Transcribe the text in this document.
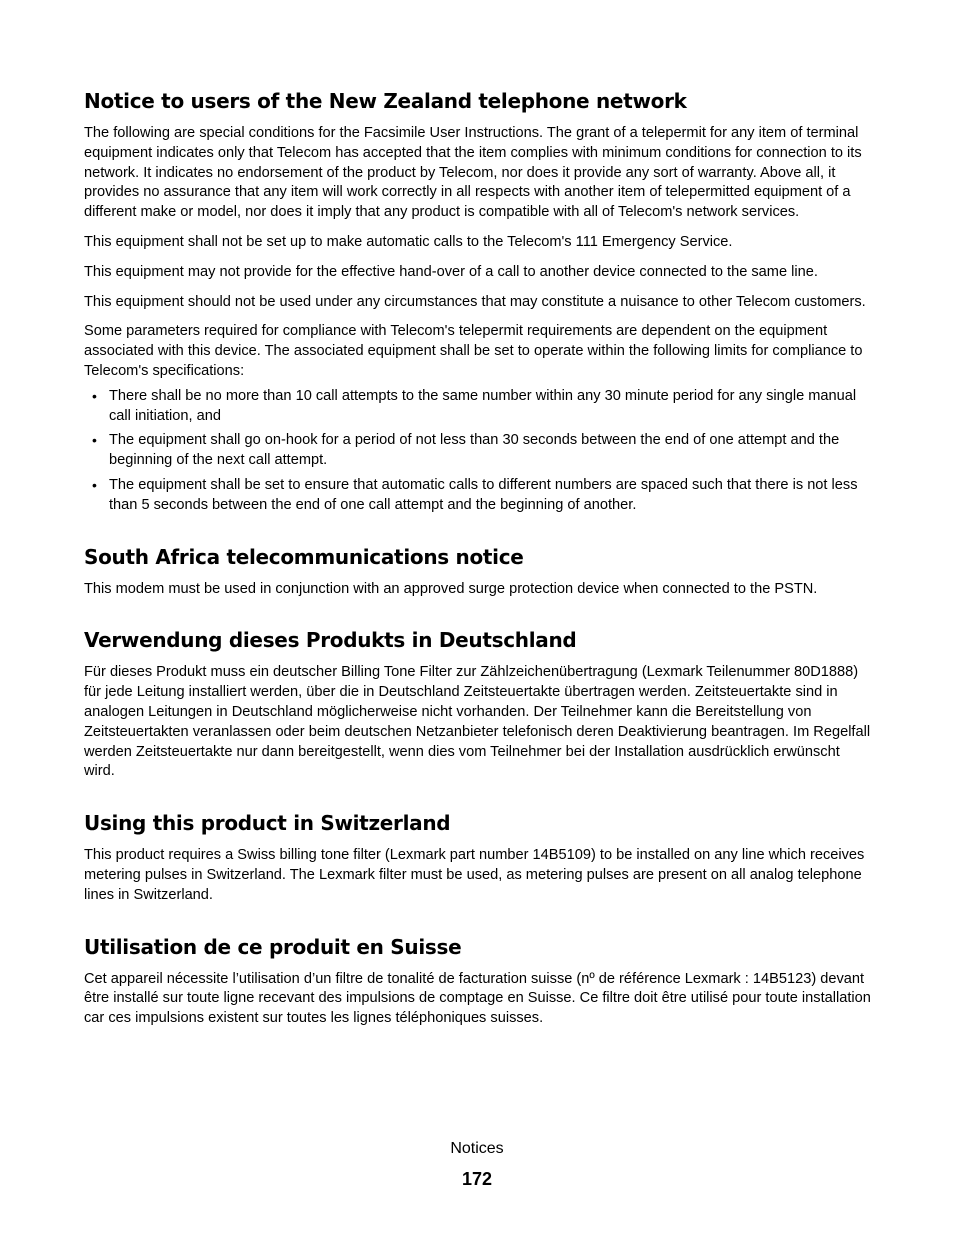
Notice to users of the New Zealand telephone network

The following are special conditions for the Facsimile User Instructions. The grant of a telepermit for any item of terminal equipment indicates only that Telecom has accepted that the item complies with minimum conditions for connection to its network. It indicates no endorsement of the product by Telecom, nor does it provide any sort of warranty. Above all, it provides no assurance that any item will work correctly in all respects with another item of telepermitted equipment of a different make or model, nor does it imply that any product is compatible with all of Telecom's network services.

This equipment shall not be set up to make automatic calls to the Telecom's 111 Emergency Service.

This equipment may not provide for the effective hand-over of a call to another device connected to the same line.

This equipment should not be used under any circumstances that may constitute a nuisance to other Telecom customers.

Some parameters required for compliance with Telecom's telepermit requirements are dependent on the equipment associated with this device. The associated equipment shall be set to operate within the following limits for compliance to Telecom's specifications:

• There shall be no more than 10 call attempts to the same number within any 30 minute period for any single manual call initiation, and
• The equipment shall go on-hook for a period of not less than 30 seconds between the end of one attempt and the beginning of the next call attempt.
• The equipment shall be set to ensure that automatic calls to different numbers are spaced such that there is not less than 5 seconds between the end of one call attempt and the beginning of another.
South Africa telecommunications notice

This modem must be used in conjunction with an approved surge protection device when connected to the PSTN.

Verwendung dieses Produkts in Deutschland

Für dieses Produkt muss ein deutscher Billing Tone Filter zur Zählzeichenübertragung (Lexmark Teilenummer 80D1888) für jede Leitung installiert werden, über die in Deutschland Zeitsteuertakte übertragen werden. Zeitsteuertakte sind in analogen Leitungen in Deutschland möglicherweise nicht vorhanden. Der Teilnehmer kann die Bereitstellung von Zeitsteuertakten veranlassen oder beim deutschen Netzanbieter telefonisch deren Deaktivierung beantragen. Im Regelfall werden Zeitsteuertakte nur dann bereitgestellt, wenn dies vom Teilnehmer bei der Installation ausdrücklich erwünscht wird.

Using this product in Switzerland

This product requires a Swiss billing tone filter (Lexmark part number 14B5109) to be installed on any line which receives metering pulses in Switzerland. The Lexmark filter must be used, as metering pulses are present on all analog telephone lines in Switzerland.

Utilisation de ce produit en Suisse

Cet appareil nécessite l’utilisation d’un filtre de tonalité de facturation suisse (nº de référence Lexmark : 14B5123) devant être installé sur toute ligne recevant des impulsions de comptage en Suisse. Ce filtre doit être utilisé pour toute installation car ces impulsions existent sur toutes les lignes téléphoniques suisses.

Notices
172
